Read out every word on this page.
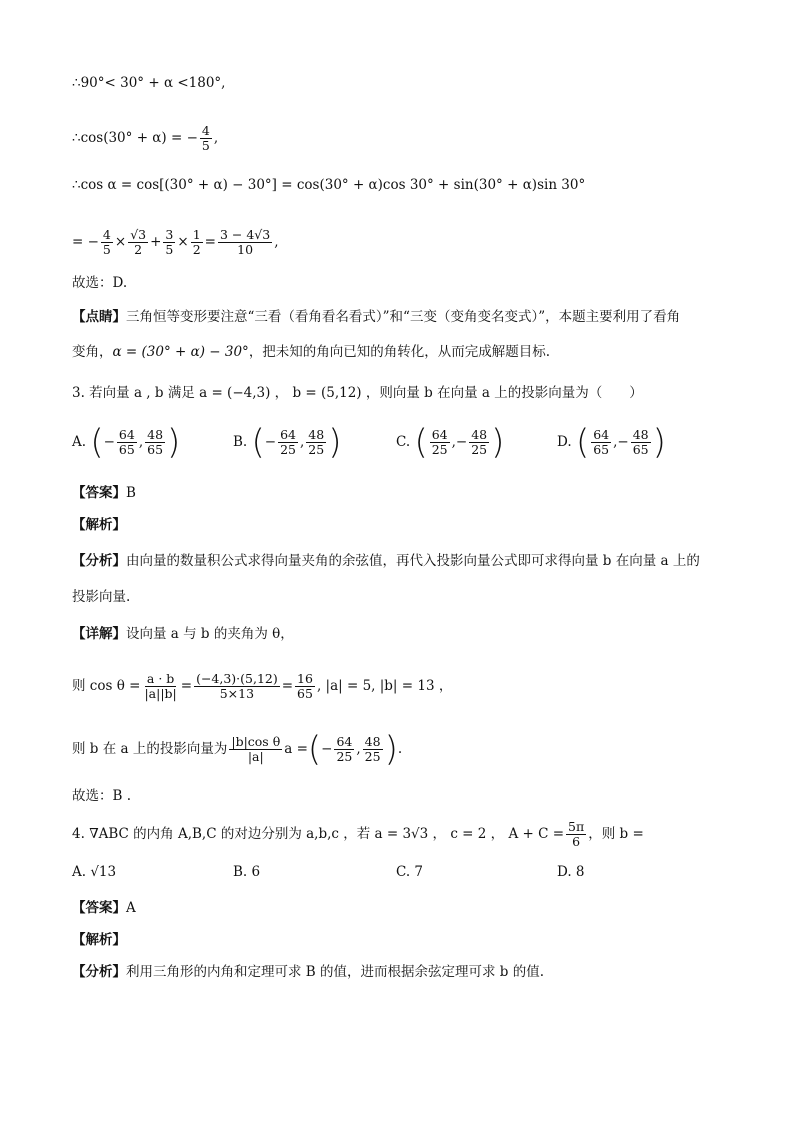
∴90°< 30° + α <180°,
∴cos(30° + α) = − $\frac{4}{5}$ ,
∴cos α = cos[(30° + α) − 30°] = cos(30° + α)cos 30° + sin(30° + α)sin 30°
= − $\frac{4}{5} \times \frac{√3}{2} + \frac{3}{5} \times \frac{1}{2} = \frac{3 - 4√3}{10}$ ,
故选：D.
【点睛】三角恒等变形要注意“三看（看角看名看式）”和“三变（变角变名变式）”，本题主要利用了看角
变角，α = (30° + α) − 30°，把未知的角向已知的角转化，从而完成解题目标.
3. 若向量 a , b 满足 a = (−4,3) ， b = (5,12) ，则向量 b 在向量 a 上的投影向量为（　　）
A. (− $\frac{64}{65}$ , $\frac{48}{65}$ )	B. (− $\frac{64}{25}$ , $\frac{48}{25}$ )	C. ( $\frac{64}{25}$ ,− $\frac{48}{25}$ )	D. ( $\frac{64}{65}$ ,− $\frac{48}{65}$ )
【答案】B
【解析】
【分析】由向量的数量积公式求得向量夹角的余弦值，再代入投影向量公式即可求得向量 b 在向量 a 上的
投影向量.
【详解】设向量 a 与 b 的夹角为 θ，
则 $\cos \theta = \frac{a \cdot b}{|a||b|} = \frac{(-4,3)\cdot(5,12)}{5\times 13} = \frac{16}{65}$ , |a| = 5, |b| = 13 ，
则 b 在 a 上的投影向量为 $\frac{\text{|b|cos θ}}{|a|}$ a =(− $\frac{64}{25}$ , $\frac{48}{25}$ ).
故选：B .
4. ∇ABC 的内角 A,B,C 的对边分别为 a,b,c ，若 a = 3√3 ， c = 2 ， $A + C = \frac{5\pi}{6}$ ，则 b =
A. √13	B. 6	C. 7	D. 8
【答案】A
【解析】
【分析】利用三角形的内角和定理可求 B 的值，进而根据余弦定理可求 b 的值.
